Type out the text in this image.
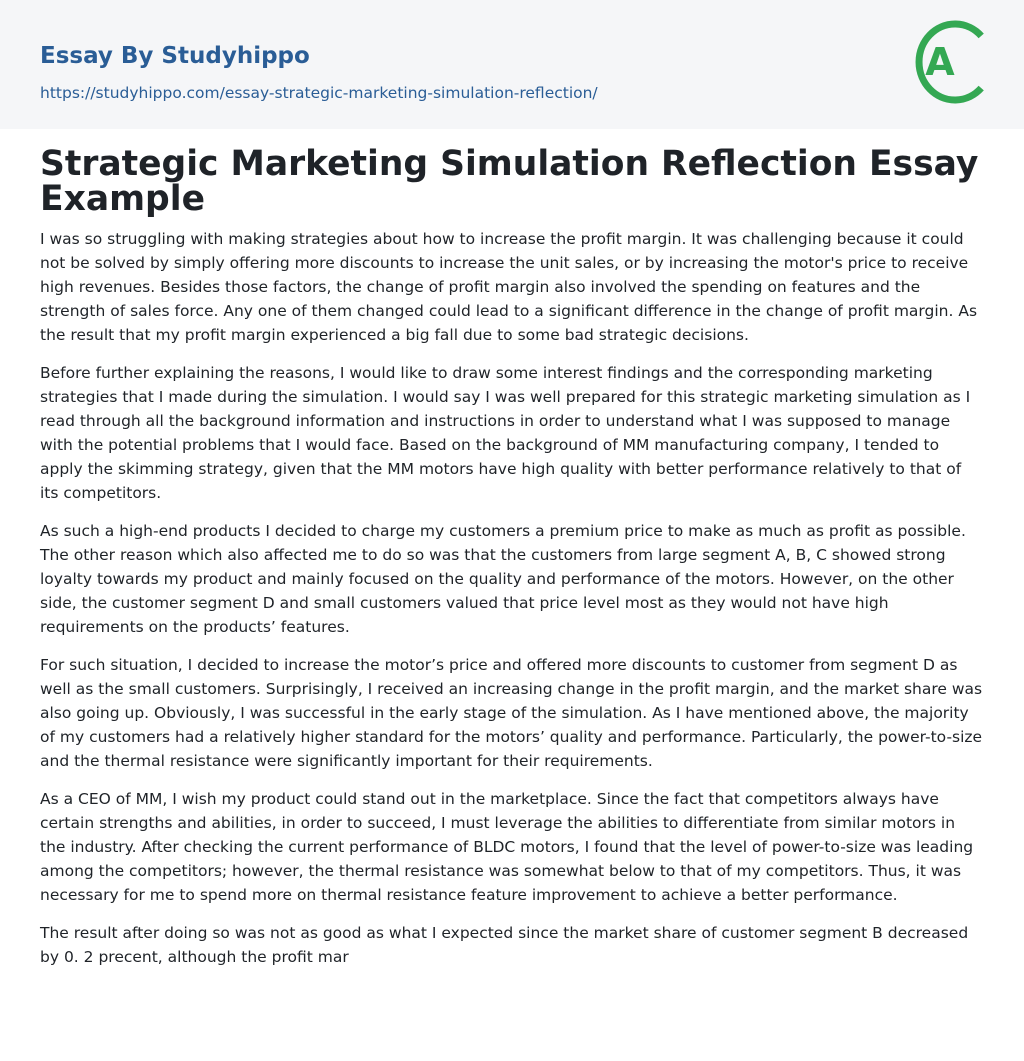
Essay By Studyhippo
https://studyhippo.com/essay-strategic-marketing-simulation-reflection/
A
Strategic Marketing Simulation Reflection Essay Example

I was so struggling with making strategies about how to increase the profit margin. It was challenging because it could not be solved by simply offering more discounts to increase the unit sales, or by increasing the motor's price to receive high revenues. Besides those factors, the change of profit margin also involved the spending on features and the strength of sales force. Any one of them changed could lead to a significant difference in the change of profit margin. As the result that my profit margin experienced a big fall due to some bad strategic decisions.

Before further explaining the reasons, I would like to draw some interest findings and the corresponding marketing strategies that I made during the simulation. I would say I was well prepared for this strategic marketing simulation as I read through all the background information and instructions in order to understand what I was supposed to manage with the potential problems that I would face. Based on the background of MM manufacturing company, I tended to apply the skimming strategy, given that the MM motors have high quality with better performance relatively to that of its competitors.

As such a high-end products I decided to charge my customers a premium price to make as much as profit as possible. The other reason which also affected me to do so was that the customers from large segment A, B, C showed strong loyalty towards my product and mainly focused on the quality and performance of the motors. However, on the other side, the customer segment D and small customers valued that price level most as they would not have high requirements on the products’ features.

For such situation, I decided to increase the motor’s price and offered more discounts to customer from segment D as well as the small customers. Surprisingly, I received an increasing change in the profit margin, and the market share was also going up. Obviously, I was successful in the early stage of the simulation. As I have mentioned above, the majority of my customers had a relatively higher standard for the motors’ quality and performance. Particularly, the power-to-size and the thermal resistance were significantly important for their requirements.

As a CEO of MM, I wish my product could stand out in the marketplace. Since the fact that competitors always have certain strengths and abilities, in order to succeed, I must leverage the abilities to differentiate from similar motors in the industry. After checking the current performance of BLDC motors, I found that the level of power-to-size was leading among the competitors; however, the thermal resistance was somewhat below to that of my competitors. Thus, it was necessary for me to spend more on thermal resistance feature improvement to achieve a better performance.

The result after doing so was not as good as what I expected since the market share of customer segment B decreased by 0. 2 precent, although the profit mar
